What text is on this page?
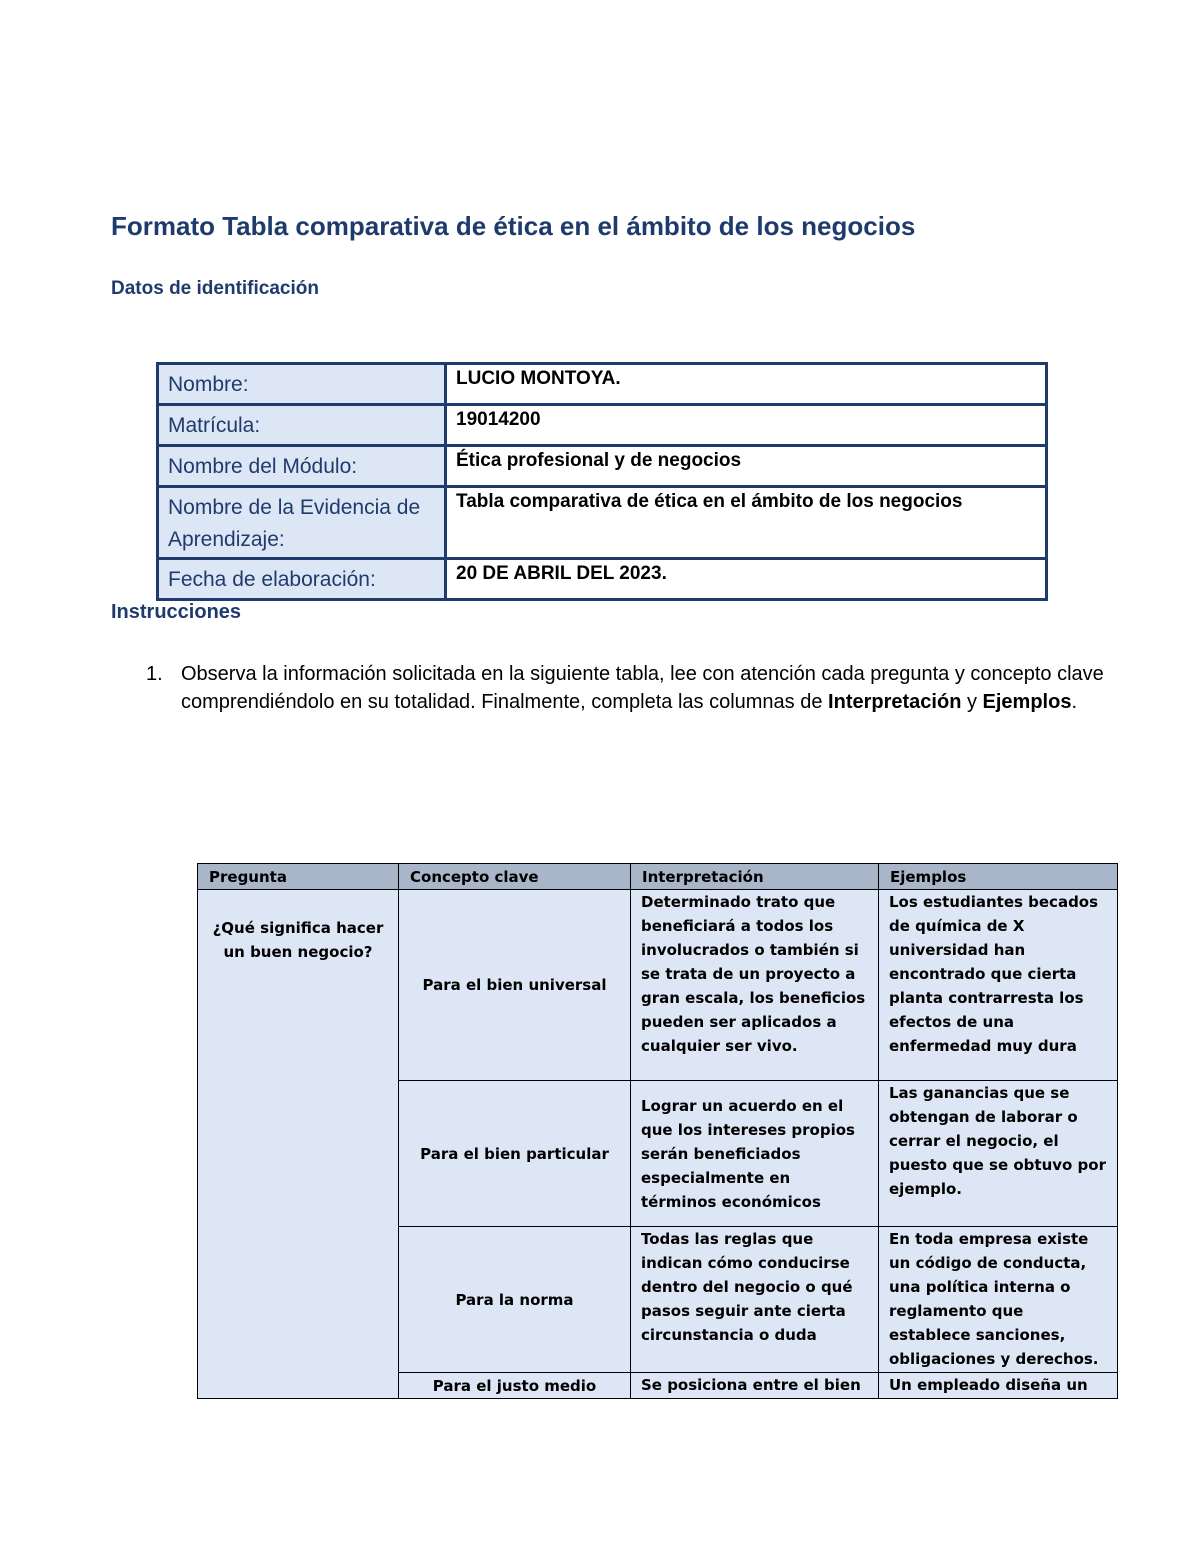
Formato Tabla comparativa de ética en el ámbito de los negocios
Datos de identificación
Nombre:	LUCIO MONTOYA.
Matrícula:	19014200
Nombre del Módulo:	Ética profesional y de negocios
Nombre de la Evidencia de Aprendizaje:	Tabla comparativa de ética en el ámbito de los negocios
Fecha de elaboración:	20 DE ABRIL DEL 2023.
Instrucciones
1. Observa la información solicitada en la siguiente tabla, lee con atención cada pregunta y concepto clave comprendiéndolo en su totalidad. Finalmente, completa las columnas de Interpretación y Ejemplos.
Pregunta	Concepto clave	Interpretación	Ejemplos
¿Qué significa hacer un buen negocio?	Para el bien universal	Determinado trato que beneficiará a todos los involucrados o también si se trata de un proyecto a gran escala, los beneficios pueden ser aplicados a cualquier ser vivo.	Los estudiantes becados de química de X universidad han encontrado que cierta planta contrarresta los efectos de una enfermedad muy dura
	Para el bien particular	Lograr un acuerdo en el que los intereses propios serán beneficiados especialmente en términos económicos	Las ganancias que se obtengan de laborar o cerrar el negocio, el puesto que se obtuvo por ejemplo.
	Para la norma	Todas las reglas que indican cómo conducirse dentro del negocio o qué pasos seguir ante cierta circunstancia o duda	En toda empresa existe un código de conducta, una política interna o reglamento que establece sanciones, obligaciones y derechos.
	Para el justo medio	Se posiciona entre el bien	Un empleado diseña un
